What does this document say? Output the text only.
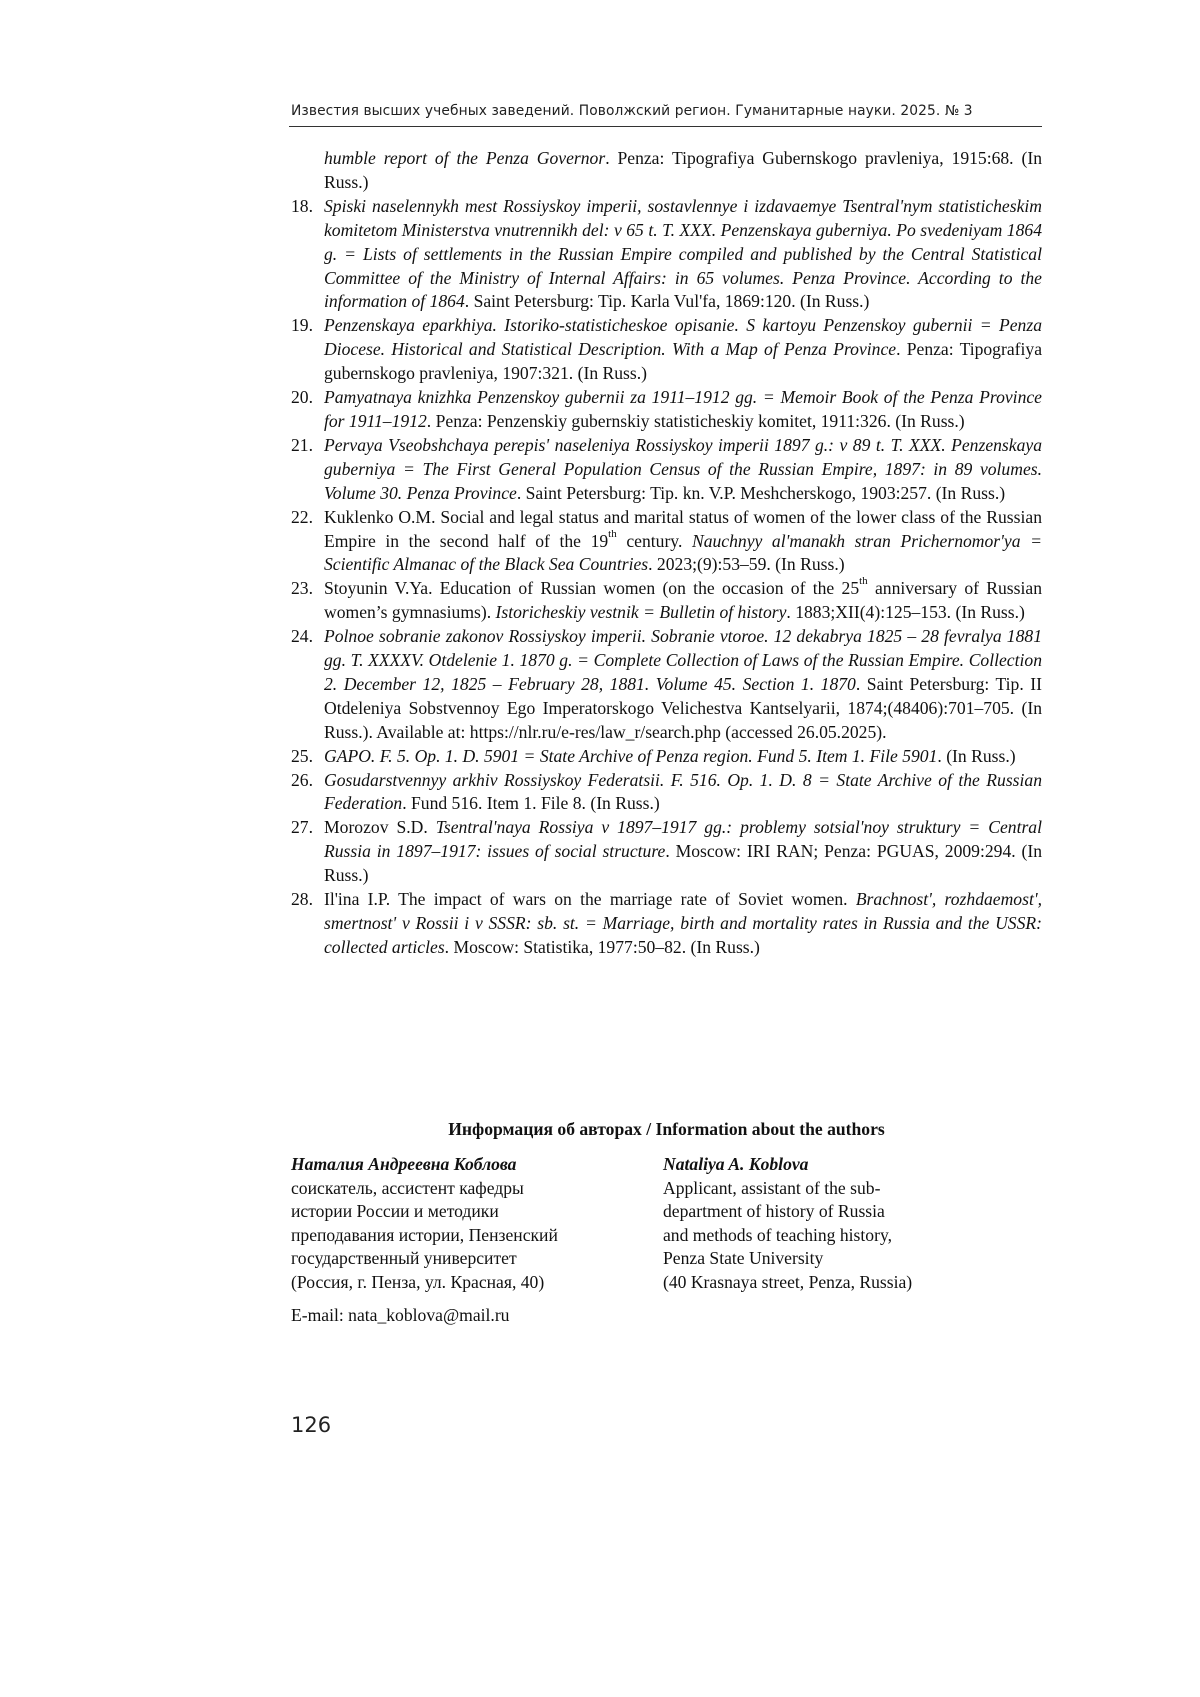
Известия высших учебных заведений. Поволжский регион. Гуманитарные науки. 2025. № 3
humble report of the Penza Governor. Penza: Tipografiya Gubernskogo pravleniya, 1915:68. (In Russ.)
18. Spiski naselennykh mest Rossiyskoy imperii, sostavlennye i izdavaemye Tsentral'nym statisticheskim komitetom Ministerstva vnutrennikh del: v 65 t. T. XXX. Penzenskaya guberniya. Po svedeniyam 1864 g. = Lists of settlements in the Russian Empire compiled and published by the Central Statistical Committee of the Ministry of Internal Affairs: in 65 volumes. Penza Province. According to the information of 1864. Saint Petersburg: Tip. Karla Vul'fa, 1869:120. (In Russ.)
19. Penzenskaya eparkhiya. Istoriko-statisticheskoe opisanie. S kartoyu Penzenskoy gubernii = Penza Diocese. Historical and Statistical Description. With a Map of Penza Province. Penza: Tipografiya gubernskogo pravleniya, 1907:321. (In Russ.)
20. Pamyatnaya knizhka Penzenskoy gubernii za 1911–1912 gg. = Memoir Book of the Penza Province for 1911–1912. Penza: Penzenskiy gubernskiy statisticheskiy komitet, 1911:326. (In Russ.)
21. Pervaya Vseobshchaya perepis' naseleniya Rossiyskoy imperii 1897 g.: v 89 t. T. XXX. Penzenskaya guberniya = The First General Population Census of the Russian Empire, 1897: in 89 volumes. Volume 30. Penza Province. Saint Petersburg: Tip. kn. V.P. Meshcherskogo, 1903:257. (In Russ.)
22. Kuklenko O.M. Social and legal status and marital status of women of the lower class of the Russian Empire in the second half of the 19th century. Nauchnyy al'manakh stran Prichernomor'ya = Scientific Almanac of the Black Sea Countries. 2023;(9):53–59. (In Russ.)
23. Stoyunin V.Ya. Education of Russian women (on the occasion of the 25th anniversary of Russian women’s gymnasiums). Istoricheskiy vestnik = Bulletin of history. 1883;XII(4):125–153. (In Russ.)
24. Polnoe sobranie zakonov Rossiyskoy imperii. Sobranie vtoroe. 12 dekabrya 1825 – 28 fevralya 1881 gg. T. XXXXV. Otdelenie 1. 1870 g. = Complete Collection of Laws of the Russian Empire. Collection 2. December 12, 1825 – February 28, 1881. Volume 45. Section 1. 1870. Saint Petersburg: Tip. II Otdeleniya Sobstvennoy Ego Imperatorskogo Velichestva Kantselyarii, 1874;(48406):701–705. (In Russ.). Available at: https://nlr.ru/e-res/law_r/search.php (accessed 26.05.2025).
25. GAPO. F. 5. Op. 1. D. 5901 = State Archive of Penza region. Fund 5. Item 1. File 5901. (In Russ.)
26. Gosudarstvennyy arkhiv Rossiyskoy Federatsii. F. 516. Op. 1. D. 8 = State Archive of the Russian Federation. Fund 516. Item 1. File 8. (In Russ.)
27. Morozov S.D. Tsentral'naya Rossiya v 1897–1917 gg.: problemy sotsial'noy struktury = Central Russia in 1897–1917: issues of social structure. Moscow: IRI RAN; Penza: PGUAS, 2009:294. (In Russ.)
28. Il'ina I.P. The impact of wars on the marriage rate of Soviet women. Brachnost', rozhdaemost', smertnost' v Rossii i v SSSR: sb. st. = Marriage, birth and mortality rates in Russia and the USSR: collected articles. Moscow: Statistika, 1977:50–82. (In Russ.)
Информация об авторах / Information about the authors
Наталия Андреевна Коблова
соискатель, ассистент кафедры
истории России и методики
преподавания истории, Пензенский
государственный университет
(Россия, г. Пенза, ул. Красная, 40)
Nataliya A. Koblova
Applicant, assistant of the sub-
department of history of Russia
and methods of teaching history,
Penza State University
(40 Krasnaya street, Penza, Russia)
E-mail: nata_koblova@mail.ru
126
